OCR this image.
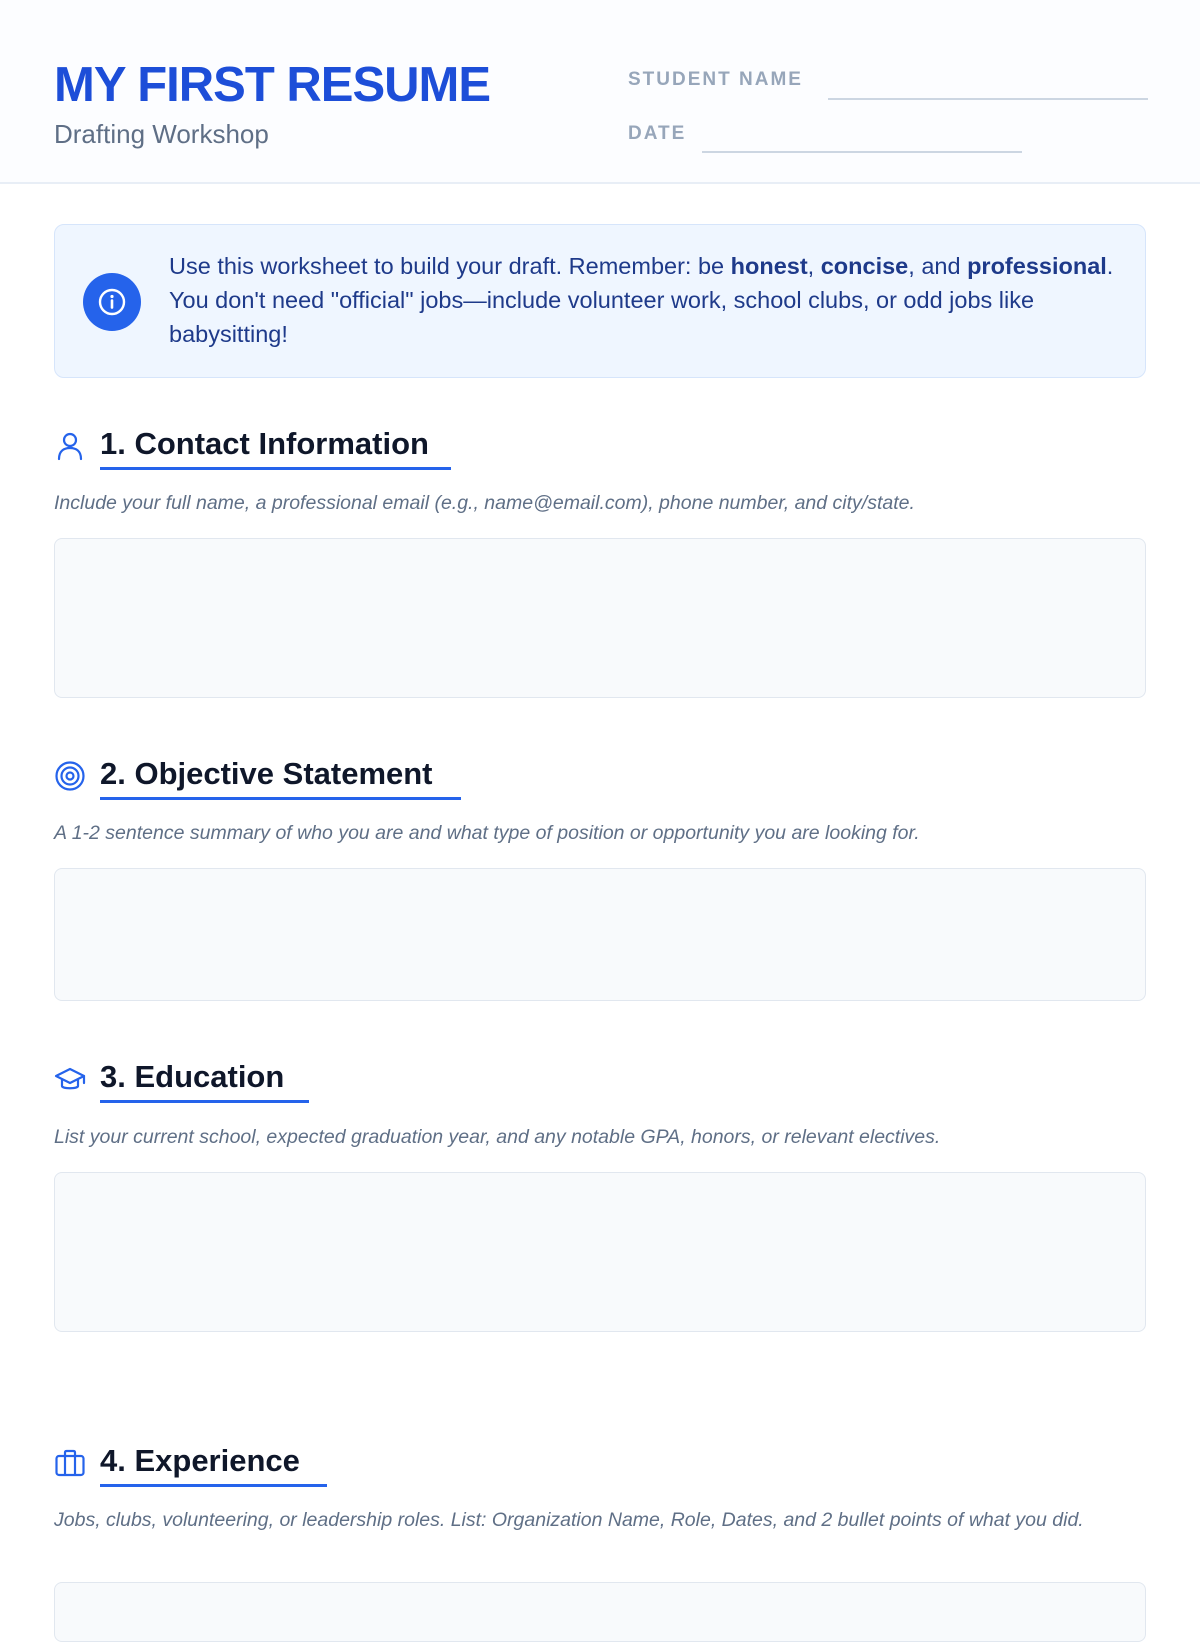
MY FIRST RESUME
Drafting Workshop
STUDENT NAME
DATE
Use this worksheet to build your draft. Remember: be honest, concise, and professional. You don't need "official" jobs—include volunteer work, school clubs, or odd jobs like babysitting!
1. Contact Information
Include your full name, a professional email (e.g., name@email.com), phone number, and city/state.
2. Objective Statement
A 1-2 sentence summary of who you are and what type of position or opportunity you are looking for.
3. Education
List your current school, expected graduation year, and any notable GPA, honors, or relevant electives.
4. Experience
Jobs, clubs, volunteering, or leadership roles. List: Organization Name, Role, Dates, and 2 bullet points of what you did.
